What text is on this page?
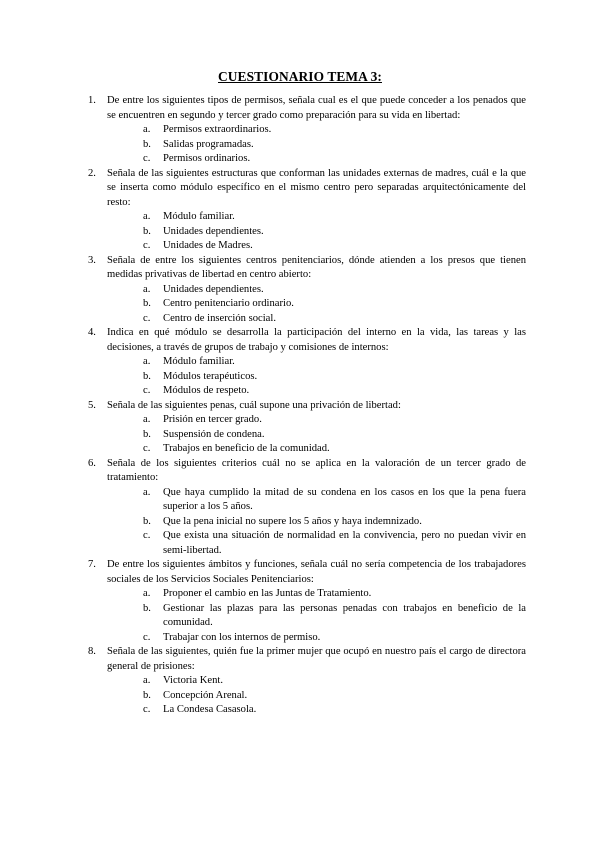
CUESTIONARIO TEMA 3:
1. De entre los siguientes tipos de permisos, señala cual es el que puede conceder a los penados que se encuentren en segundo y tercer grado como preparación para su vida en libertad:
a. Permisos extraordinarios.
b. Salidas programadas.
c. Permisos ordinarios.
2. Señala de las siguientes estructuras que conforman las unidades externas de madres, cuál e la que se inserta como módulo específico en el mismo centro pero separadas arquitectónicamente del resto:
a. Módulo familiar.
b. Unidades dependientes.
c. Unidades de Madres.
3. Señala de entre los siguientes centros penitenciarios, dónde atienden a los presos que tienen medidas privativas de libertad en centro abierto:
a. Unidades dependientes.
b. Centro penitenciario ordinario.
c. Centro de inserción social.
4. Indica en qué módulo se desarrolla la participación del interno en la vida, las tareas y las decisiones, a través de grupos de trabajo y comisiones de internos:
a. Módulo familiar.
b. Módulos terapéuticos.
c. Módulos de respeto.
5. Señala de las siguientes penas, cuál supone una privación de libertad:
a. Prisión en tercer grado.
b. Suspensión de condena.
c. Trabajos en beneficio de la comunidad.
6. Señala de los siguientes criterios cuál no se aplica en la valoración de un tercer grado de tratamiento:
a. Que haya cumplido la mitad de su condena en los casos en los que la pena fuera superior a los 5 años.
b. Que la pena inicial no supere los 5 años y haya indemnizado.
c. Que exista una situación de normalidad en la convivencia, pero no puedan vivir en semi-libertad.
7. De entre los siguientes ámbitos y funciones, señala cuál no sería competencia de los trabajadores sociales de los Servicios Sociales Penitenciarios:
a. Proponer el cambio en las Juntas de Tratamiento.
b. Gestionar las plazas para las personas penadas con trabajos en beneficio de la comunidad.
c. Trabajar con los internos de permiso.
8. Señala de las siguientes, quién fue la primer mujer que ocupó en nuestro país el cargo de directora general de prisiones:
a. Victoria Kent.
b. Concepción Arenal.
c. La Condesa Casasola.
